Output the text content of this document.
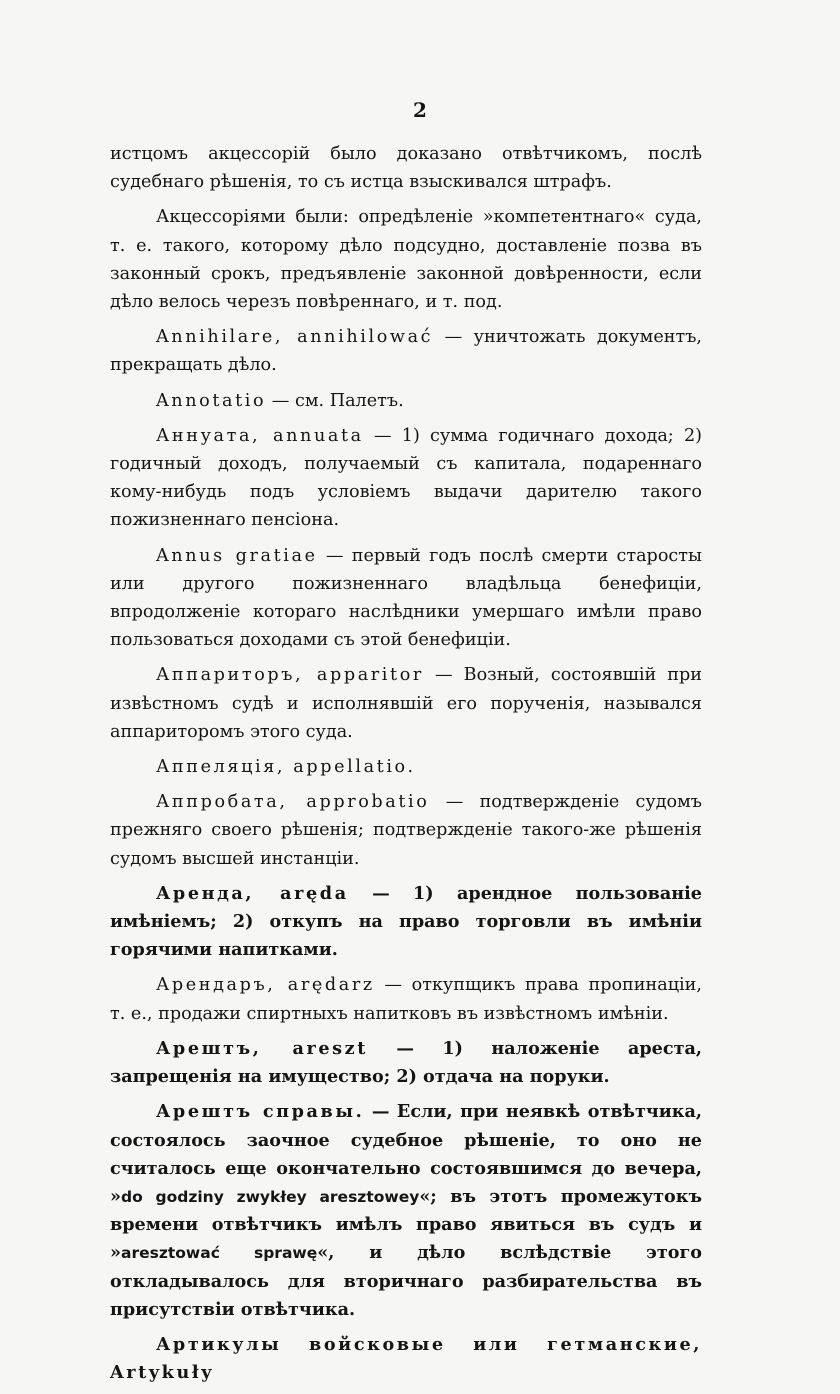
2

истцомъ акцессорій было доказано отвѣтчикомъ, послѣ судебнаго рѣшенія, то съ истца взыскивался штрафъ.

Акцессоріями были: опредѣленіе »компетентнаго« суда, т. е. такого, которому дѣло подсудно, доставленіе позва въ законный срокъ, предъявленіе законной довѣренности, если дѣло велось черезъ повѣреннаго, и т. под.

Annihilare, annihilować — уничтожать документъ, прекращать дѣло.

Annotatio — см. Палетъ.

Аннуата, annuata — 1) сумма годичнаго дохода; 2) годичный доходъ, получаемый съ капитала, подареннаго кому-нибудь подъ условіемъ выдачи дарителю такого пожизненнаго пенсіона.

Annus gratiae — первый годъ послѣ смерти старосты или другого пожизненнаго владѣльца бенефиціи, впродолженіе котораго наслѣдники умершаго имѣли право пользоваться доходами съ этой бенефиціи.

Аппариторъ, apparitor — Возный, состоявшій при извѣстномъ судѣ и исполнявшій его порученія, назывался аппариторомъ этого суда.

Аппеляція, appellatio.

Аппробата, approbatio — подтвержденіе судомъ прежняго своего рѣшенія; подтвержденіе такого-же рѣшенія судомъ высшей инстанціи.

Аренда, arędа — 1) арендное пользованіе имѣніемъ; 2) откупъ на право торговли въ имѣніи горячими напитками.

Арендаръ, arędarz — откупщикъ права пропинаціи, т. е., продажи спиртныхъ напитковъ въ извѣстномъ имѣніи.

Арештъ, areszt — 1) наложеніе ареста, запрещенія на имущество; 2) отдача на поруки.

Арештъ справы. — Если, при неявкѣ отвѣтчика, состоялось заочное судебное рѣшеніе, то оно не считалось еще окончательно состоявшимся до вечера, »do godziny zwykłey aresztowey«; въ этотъ промежутокъ времени отвѣтчикъ имѣлъ право явиться въ судъ и »aresztować sprawę«, и дѣло вслѣдствіе этого откладывалось для вторичнаго разбирательства въ присутствіи отвѣтчика.

Артикулы войсковые или гетманские, Artykuły
